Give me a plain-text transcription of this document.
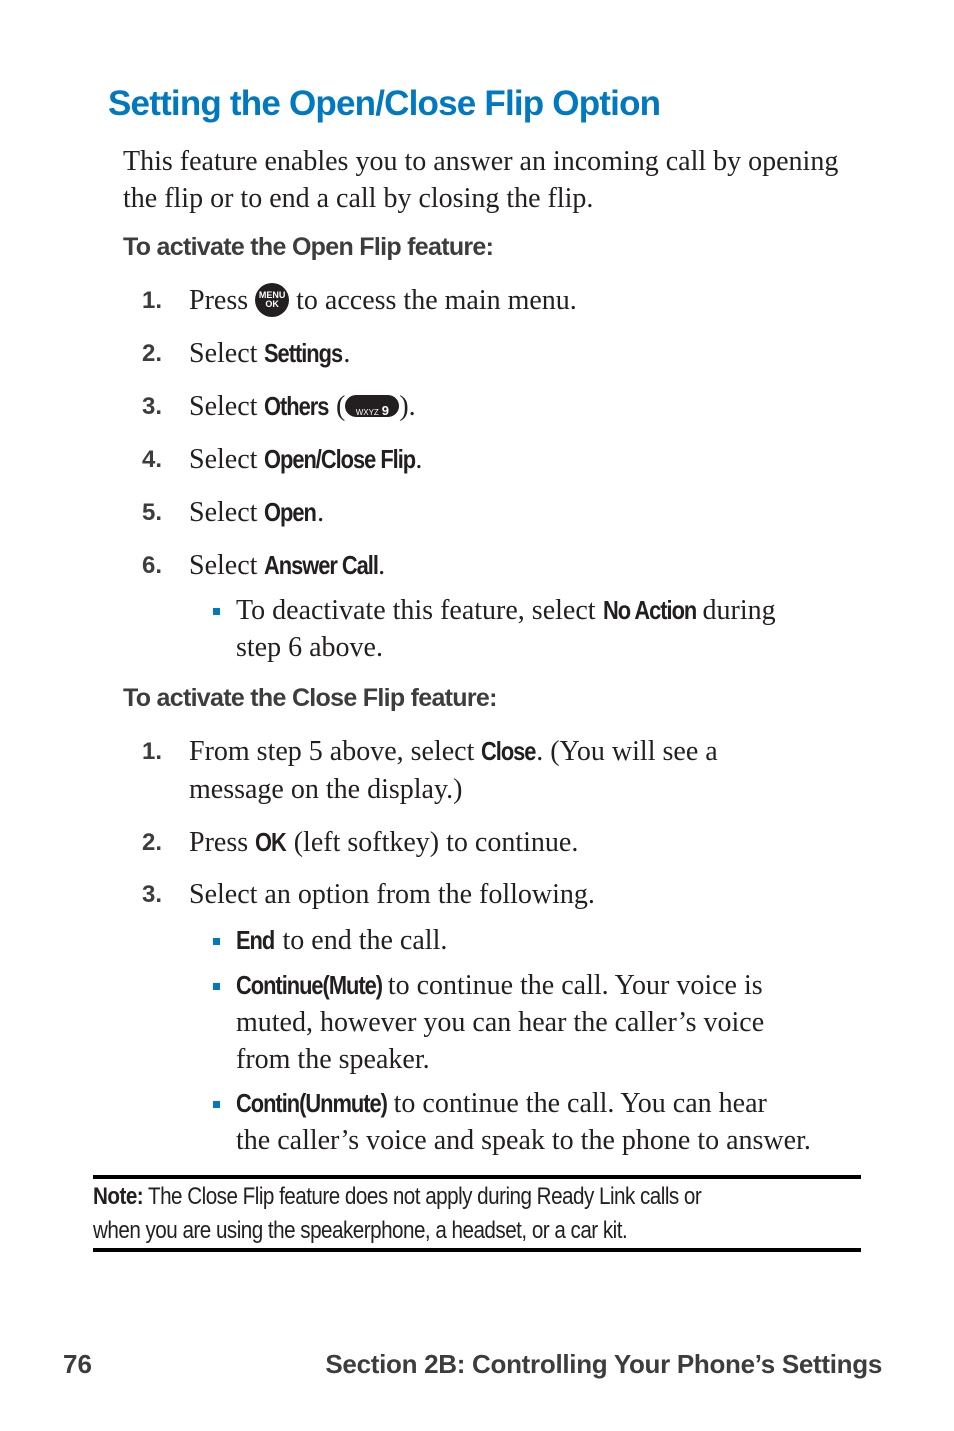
Setting the Open/Close Flip Option
This feature enables you to answer an incoming call by opening the flip or to end a call by closing the flip.
To activate the Open Flip feature:
1. Press MENU
OK to access the main menu.
2. Select Settings.
3. Select Others ( WXYZ 9 ).
4. Select Open/Close Flip.
5. Select Open.
6. Select Answer Call.
To deactivate this feature, select No Action during
step 6 above.
To activate the Close Flip feature:
1. From step 5 above, select Close. (You will see a
message on the display.)
2. Press OK (left softkey) to continue.
3. Select an option from the following.
End to end the call.
Continue(Mute) to continue the call. Your voice is
muted, however you can hear the caller’s voice
from the speaker.
Contin(Unmute) to continue the call. You can hear
the caller’s voice and speak to the phone to answer.
Note: The Close Flip feature does not apply during Ready Link calls or
when you are using the speakerphone, a headset, or a car kit.
76	Section 2B: Controlling Your Phone’s Settings
